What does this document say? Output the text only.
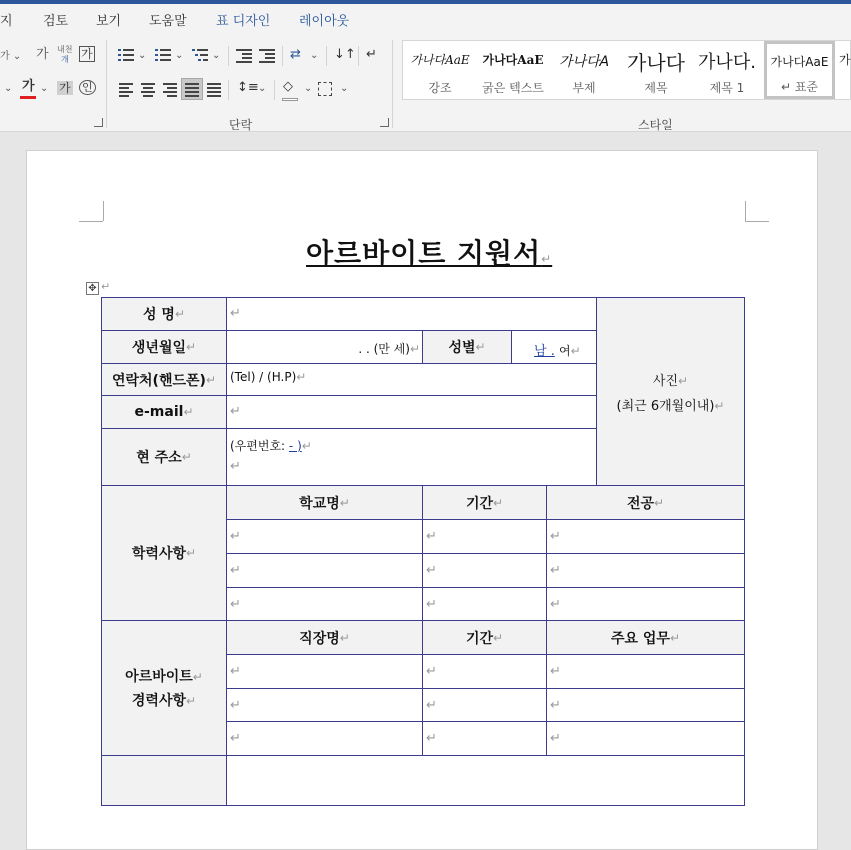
지 검토 보기 도움말 표 디자인 레이아웃
가 ⌄ 가 내천
개 가
⌄ 가 ⌄ 가 인
⌄	⌄	⌄	⇄ ⌄ ↓↑ ↵
↕≡ ⌄ ◇ ⌄	⌄
단락	스타일
가나다AaE
강조
가나다AaE
굵은 텍스트
가나다A
부제
가나다
제목
가나다.
제목 1
가나다AaE
↵ 표준
가
아르바이트 지원서↵
✥ ↵
성 명 ↵	↵
사진↵
(최근 6개월이내)↵
생년월일 ↵	. . (만 세)↵ 성별 ↵	남 . 여↵
연락처(핸드폰) ↵ (Tel) / (H.P)↵
e-mail ↵	↵
현 주소 ↵
(우편번호: - )↵
↵
학력사항 ↵
학교명 ↵	기간 ↵	전공 ↵
↵	↵	↵
↵	↵	↵
↵	↵	↵
아르바이트↵
경력사항↵
직장명 ↵	기간 ↵	주요 업무 ↵
↵	↵	↵
↵	↵	↵
↵	↵	↵
